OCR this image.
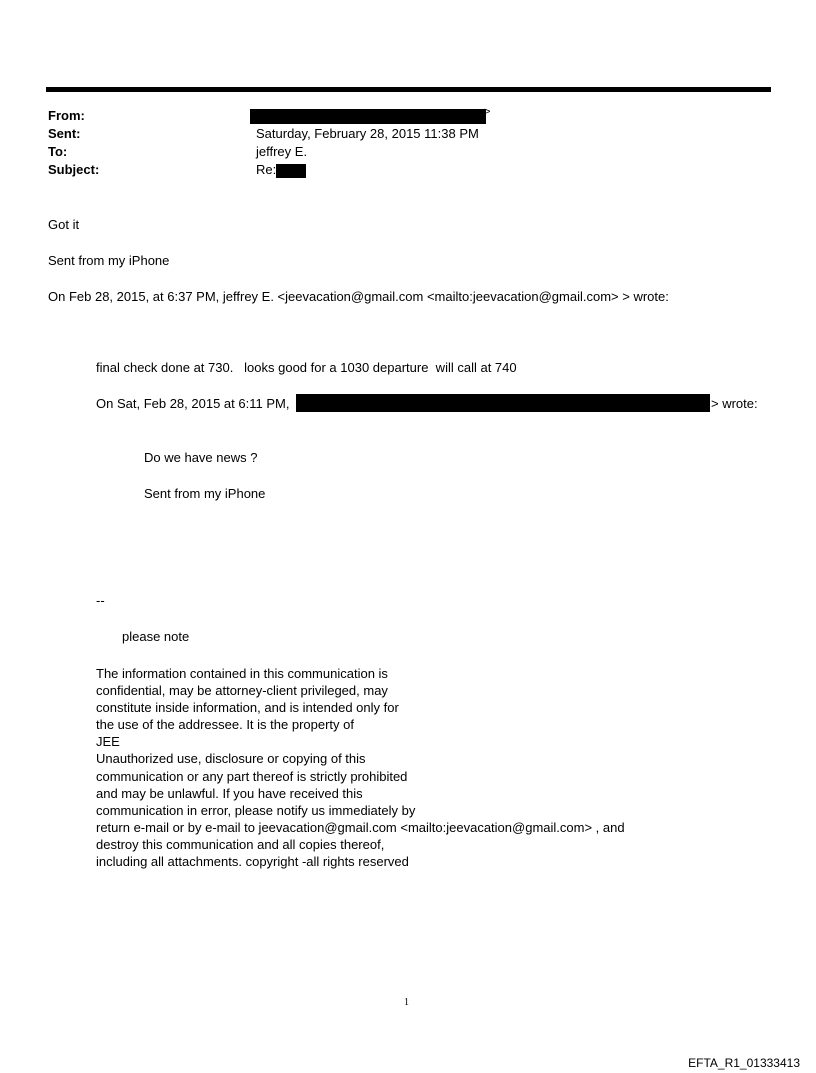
From:
Sent:
To:
Subject:
>
Saturday, February 28, 2015 11:38 PM
jeffrey E.
Re:
Got it
Sent from my iPhone
On Feb 28, 2015, at 6:37 PM, jeffrey E. <jeevacation@gmail.com <mailto:jeevacation@gmail.com> > wrote:
final check done at 730.   looks good for a 1030 departure  will call at 740
On Sat, Feb 28, 2015 at 6:11 PM,	> wrote:
Do we have news ?
Sent from my iPhone
--
please note
The information contained in this communication is
confidential, may be attorney-client privileged, may
constitute inside information, and is intended only for
the use of the addressee. It is the property of
JEE
Unauthorized use, disclosure or copying of this
communication or any part thereof is strictly prohibited
and may be unlawful. If you have received this
communication in error, please notify us immediately by
return e-mail or by e-mail to jeevacation@gmail.com <mailto:jeevacation@gmail.com> , and
destroy this communication and all copies thereof,
including all attachments. copyright -all rights reserved
1
EFTA_R1_01333413
